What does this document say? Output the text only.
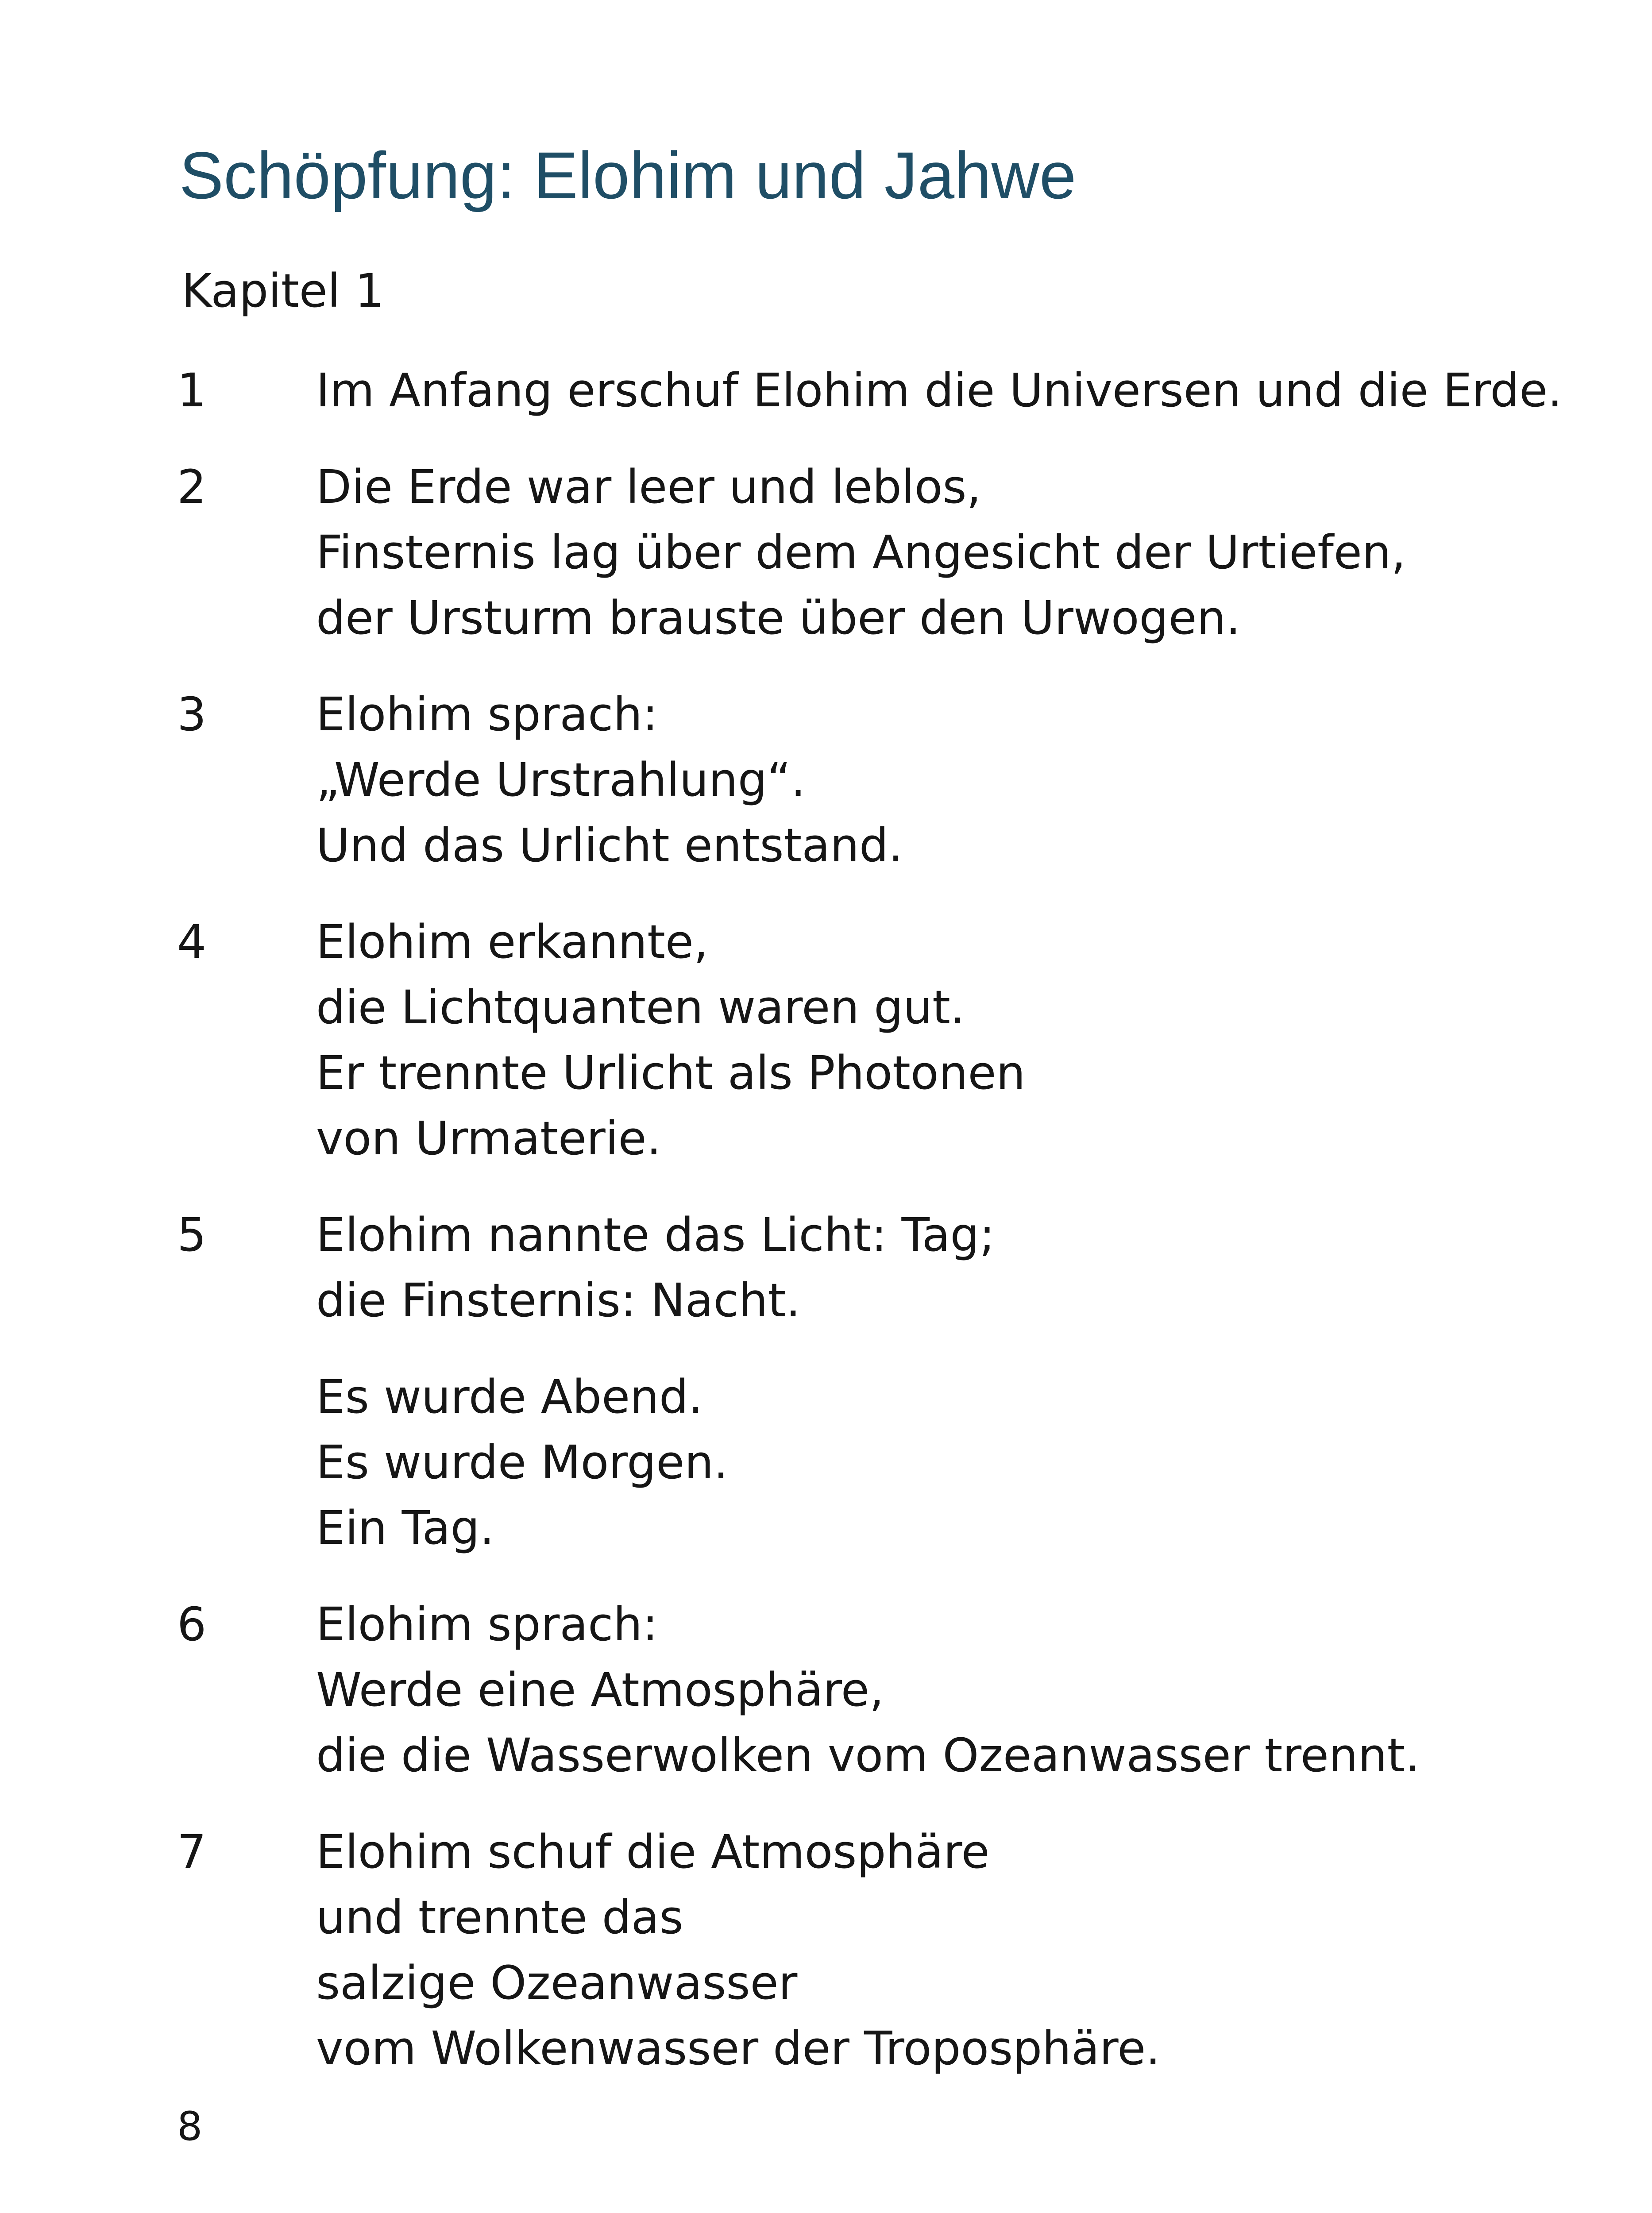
Schöpfung: Elohim und Jahwe
Kapitel 1
1 Im Anfang erschuf Elohim die Universen und die Erde.
2 Die Erde war leer und leblos,
Finsternis lag über dem Angesicht der Urtiefen,
der Ursturm brauste über den Urwogen.
3 Elohim sprach:
„Werde Urstrahlung“.
Und das Urlicht entstand.
4 Elohim erkannte,
die Lichtquanten waren gut.
Er trennte Urlicht als Photonen
von Urmaterie.
5 Elohim nannte das Licht: Tag;
die Finsternis: Nacht.
Es wurde Abend.
Es wurde Morgen.
Ein Tag.
6 Elohim sprach:
Werde eine Atmosphäre,
die die Wasserwolken vom Ozeanwasser trennt.
7 Elohim schuf die Atmosphäre
und trennte das
salzige Ozeanwasser
vom Wolkenwasser der Troposphäre.
8
